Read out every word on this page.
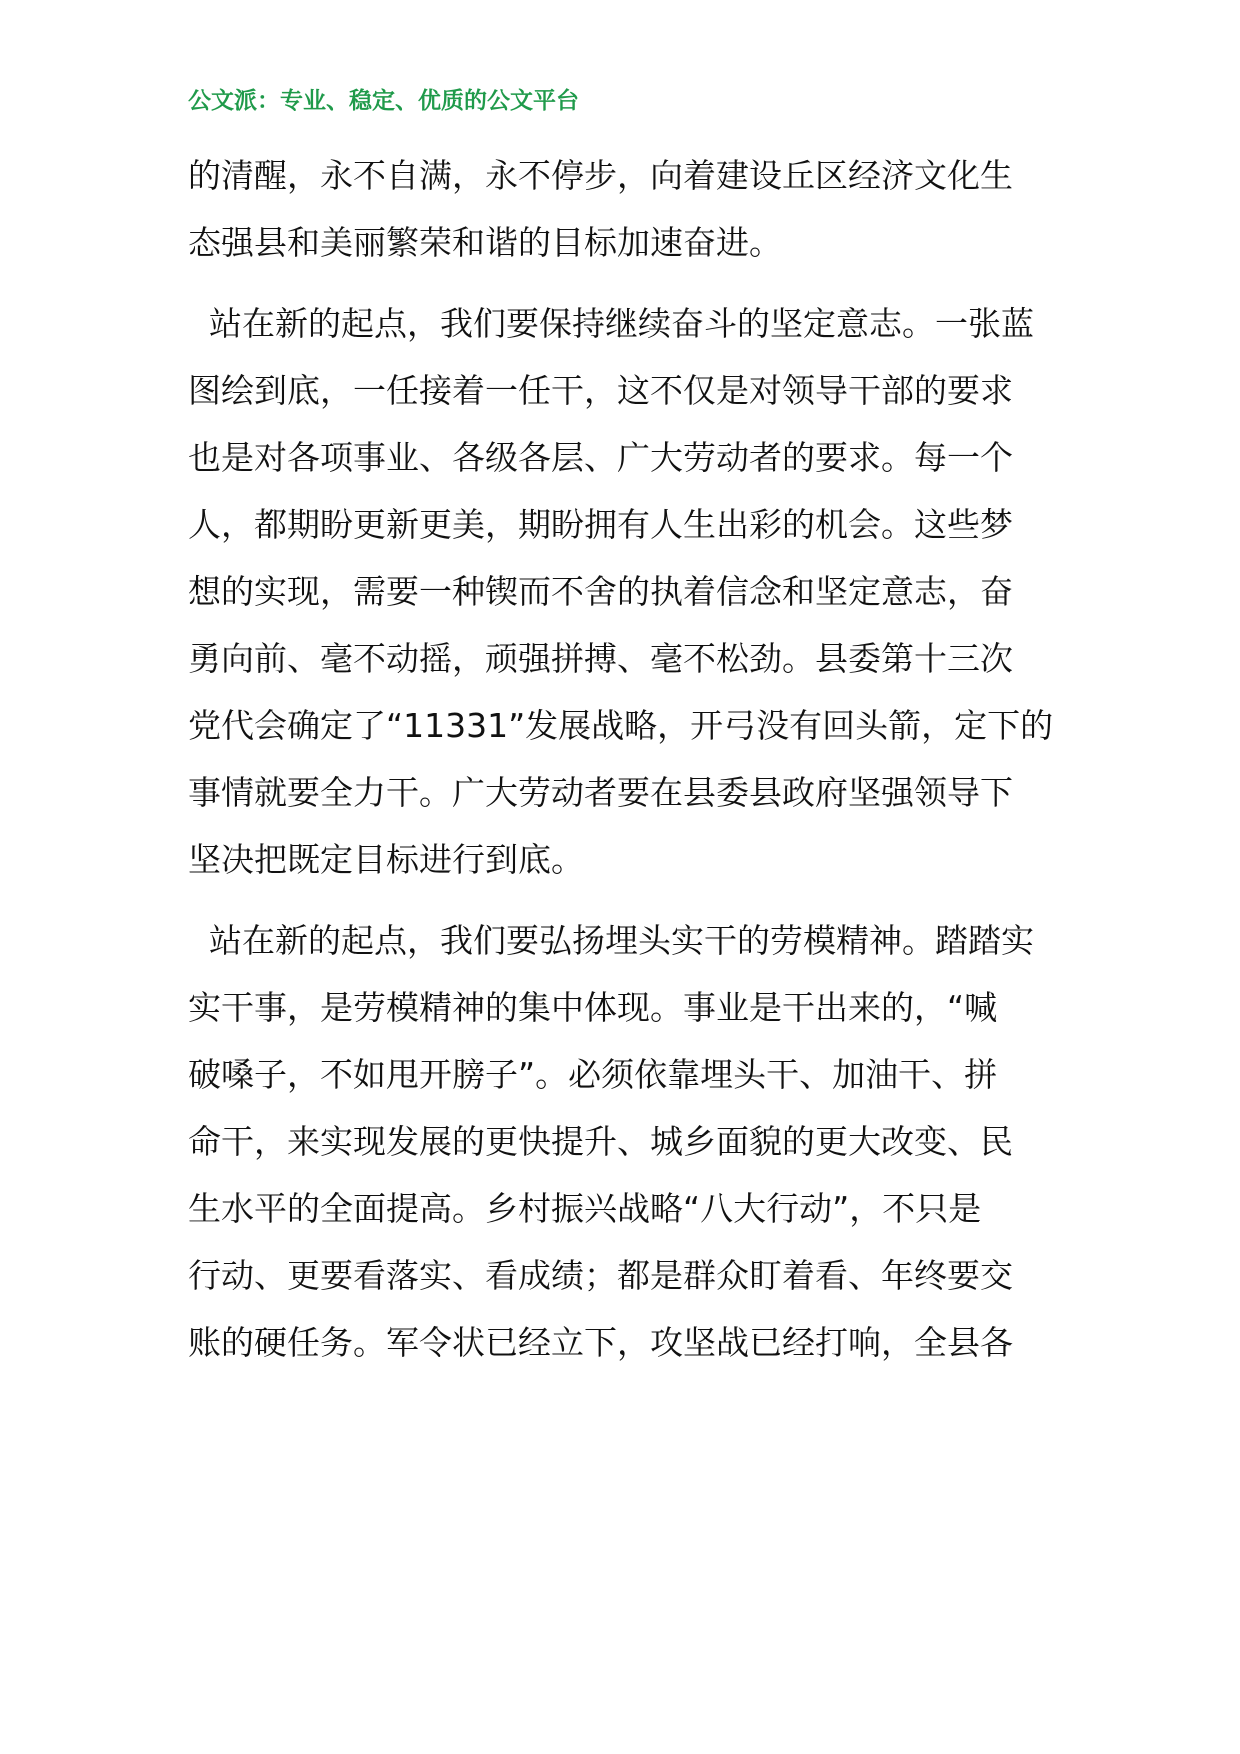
公文派：专业、稳定、优质的公文平台
的清醒，永不自满，永不停步，向着建设丘区经济文化生
态强县和美丽繁荣和谐的目标加速奋进。
站在新的起点，我们要保持继续奋斗的坚定意志。一张蓝
图绘到底，一任接着一任干，这不仅是对领导干部的要求
也是对各项事业、各级各层、广大劳动者的要求。每一个
人，都期盼更新更美，期盼拥有人生出彩的机会。这些梦
想的实现，需要一种锲而不舍的执着信念和坚定意志，奋
勇向前、毫不动摇，顽强拼搏、毫不松劲。县委第十三次
党代会确定了“11331”发展战略，开弓没有回头箭，定下的
事情就要全力干。广大劳动者要在县委县政府坚强领导下
坚决把既定目标进行到底。
站在新的起点，我们要弘扬埋头实干的劳模精神。踏踏实
实干事，是劳模精神的集中体现。事业是干出来的，“喊
破嗓子，不如甩开膀子”。必须依靠埋头干、加油干、拼
命干，来实现发展的更快提升、城乡面貌的更大改变、民
生水平的全面提高。乡村振兴战略“八大行动”，不只是
行动、更要看落实、看成绩；都是群众盯着看、年终要交
账的硬任务。军令状已经立下，攻坚战已经打响，全县各
